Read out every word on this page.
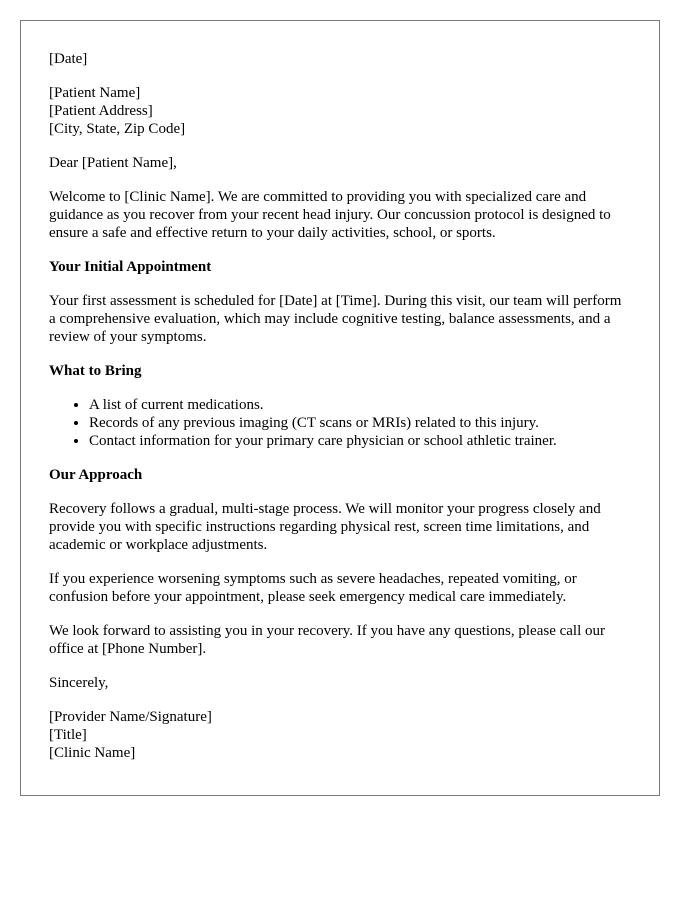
[Date]

[Patient Name]
[Patient Address]
[City, State, Zip Code]

Dear [Patient Name],

Welcome to [Clinic Name]. We are committed to providing you with specialized care and guidance as you recover from your recent head injury. Our concussion protocol is designed to ensure a safe and effective return to your daily activities, school, or sports.

Your Initial Appointment

Your first assessment is scheduled for [Date] at [Time]. During this visit, our team will perform a comprehensive evaluation, which may include cognitive testing, balance assessments, and a review of your symptoms.

What to Bring
• A list of current medications.
• Records of any previous imaging (CT scans or MRIs) related to this injury.
• Contact information for your primary care physician or school athletic trainer.
Our Approach

Recovery follows a gradual, multi-stage process. We will monitor your progress closely and provide you with specific instructions regarding physical rest, screen time limitations, and academic or workplace adjustments.

If you experience worsening symptoms such as severe headaches, repeated vomiting, or confusion before your appointment, please seek emergency medical care immediately.

We look forward to assisting you in your recovery. If you have any questions, please call our office at [Phone Number].

Sincerely,

[Provider Name/Signature]
[Title]
[Clinic Name]
